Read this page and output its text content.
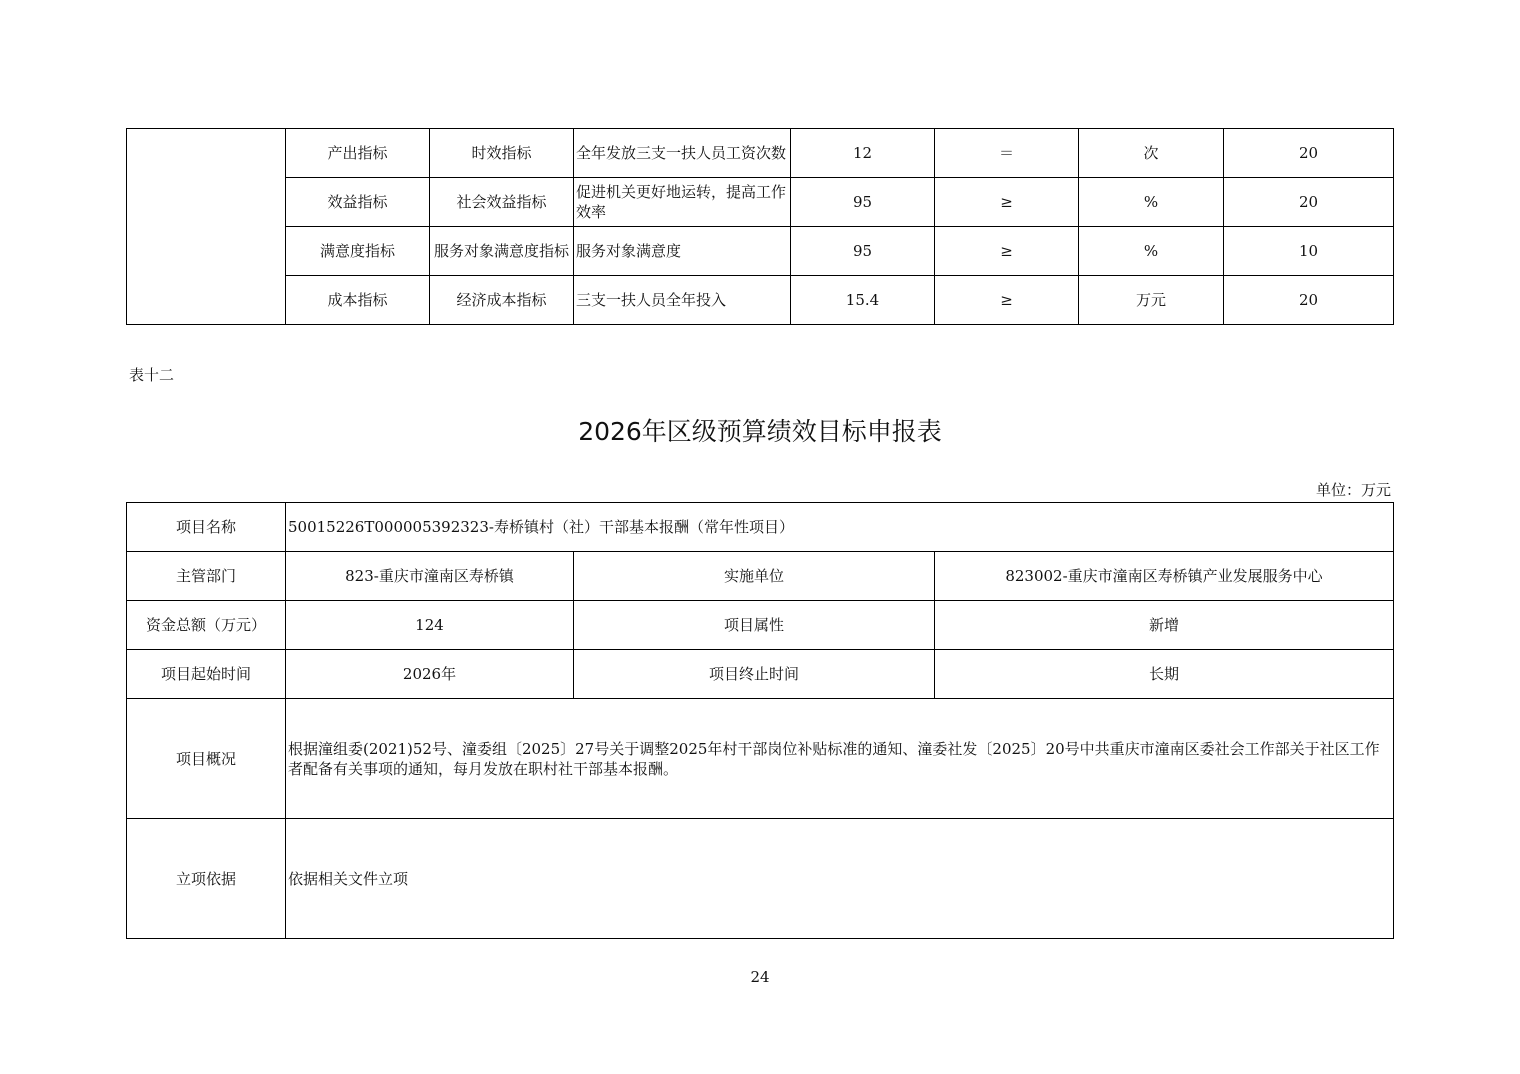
	产出指标	时效指标	全年发放三支一扶人员工资次数	12	＝	次	20
	效益指标	社会效益指标	促进机关更好地运转，提高工作效率	95	≥	%	20
	满意度指标	服务对象满意度指标	服务对象满意度	95	≥	%	10
	成本指标	经济成本指标	三支一扶人员全年投入	15.4	≥	万元	20
表十二
2026年区级预算绩效目标申报表
单位：万元
项目名称	50015226T000005392323-寿桥镇村（社）干部基本报酬（常年性项目）		
主管部门	823-重庆市潼南区寿桥镇	实施单位	823002-重庆市潼南区寿桥镇产业发展服务中心
资金总额（万元）	124	项目属性	新增
项目起始时间	2026年	项目终止时间	长期
项目概况	根据潼组委(2021)52号、潼委组〔2025〕27号关于调整2025年村干部岗位补贴标准的通知、潼委社发〔2025〕20号中共重庆市潼南区委社会工作部关于社区工作者配备有关事项的通知，每月发放在职村社干部基本报酬。		
立项依据	依据相关文件立项		
24
